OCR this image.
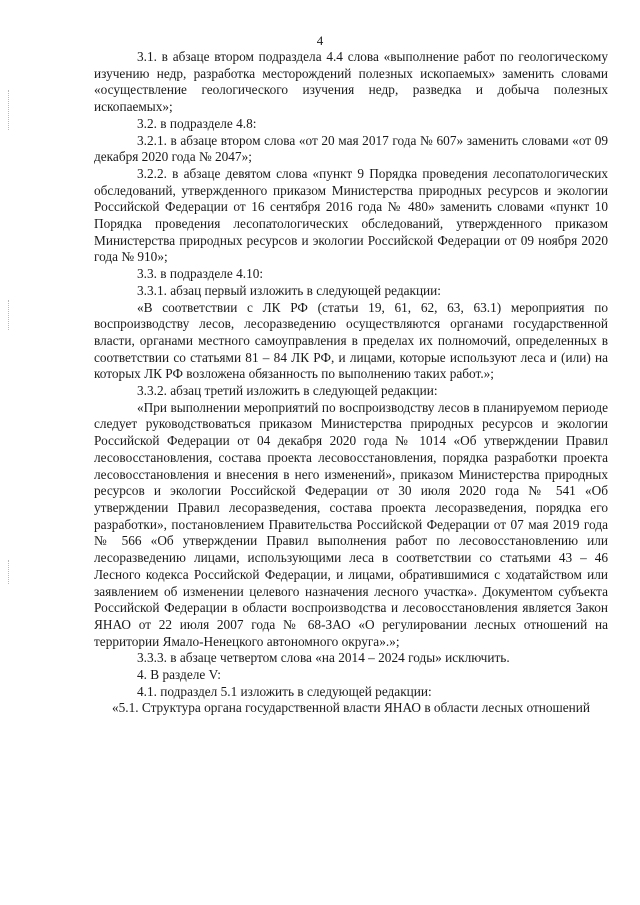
4

3.1. в абзаце втором подраздела 4.4 слова «выполнение работ по геологическому изучению недр, разработка месторождений полезных ископаемых» заменить словами «осуществление геологического изучения недр, разведка и добыча полезных ископаемых»;

3.2. в подразделе 4.8:

3.2.1. в абзаце втором слова «от 20 мая 2017 года № 607» заменить словами «от 09 декабря 2020 года № 2047»;

3.2.2. в абзаце девятом слова «пункт 9 Порядка проведения лесопатологических обследований, утвержденного приказом Министерства природных ресурсов и экологии Российской Федерации от 16 сентября 2016 года № 480» заменить словами «пункт 10 Порядка проведения лесопатологических обследований, утвержденного приказом Министерства природных ресурсов и экологии Российской Федерации от 09 ноября 2020 года № 910»;

3.3. в подразделе 4.10:

3.3.1. абзац первый изложить в следующей редакции:

«В соответствии с ЛК РФ (статьи 19, 61, 62, 63, 63.1) мероприятия по воспроизводству лесов, лесоразведению осуществляются органами государственной власти, органами местного самоуправления в пределах их полномочий, определенных в соответствии со статьями 81 – 84 ЛК РФ, и лицами, которые используют леса и (или) на которых ЛК РФ возложена обязанность по выполнению таких работ.»;

3.3.2. абзац третий изложить в следующей редакции:

«При выполнении мероприятий по воспроизводству лесов в планируемом периоде следует руководствоваться приказом Министерства природных ресурсов и экологии Российской Федерации от 04 декабря 2020 года № 1014 «Об утверждении Правил лесовосстановления, состава проекта лесовосстановления, порядка разработки проекта лесовосстановления и внесения в него изменений», приказом Министерства природных ресурсов и экологии Российской Федерации от 30 июля 2020 года № 541 «Об утверждении Правил лесоразведения, состава проекта лесоразведения, порядка его разработки», постановлением Правительства Российской Федерации от 07 мая 2019 года № 566 «Об утверждении Правил выполнения работ по лесовосстановлению или лесоразведению лицами, использующими леса в соответствии со статьями 43 – 46 Лесного кодекса Российской Федерации, и лицами, обратившимися с ходатайством или заявлением об изменении целевого назначения лесного участка». Документом субъекта Российской Федерации в области воспроизводства и лесовосстановления является Закон ЯНАО от 22 июля 2007 года № 68-ЗАО «О регулировании лесных отношений на территории Ямало-Ненецкого автономного округа».»;

3.3.3. в абзаце четвертом слова «на 2014 – 2024 годы» исключить.

4. В разделе V:

4.1. подраздел 5.1 изложить в следующей редакции:

«5.1. Структура органа государственной власти ЯНАО в области лесных отношений
